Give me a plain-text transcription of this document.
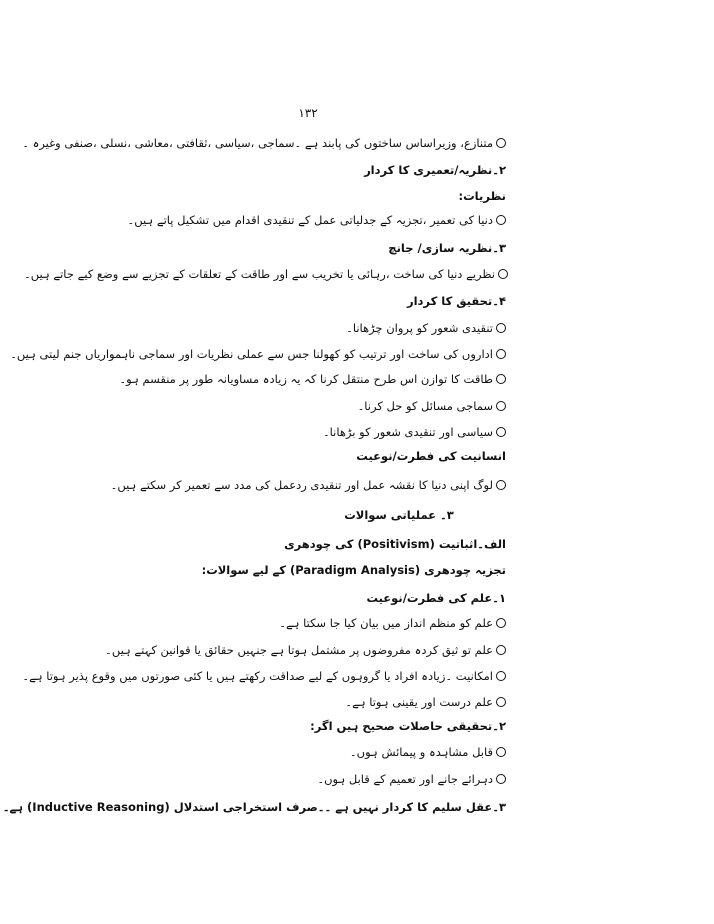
۱۳۲
متنازع، وزیراساس ساختوں کی پابند ہے ۔سماجی ،سیاسی ،ثقافتی ،معاشی ،نسلی ،صنفی وغیرہ ۔
۲۔نظریہ/تعمیری کا کردار
نظریات:
دنیا کی تعمیر ،تجزیہ کے جدلیاتی عمل کے تنقیدی اقدام میں تشکیل پاتے ہیں۔
۳۔نظریہ سازی/ جانچ
نظریے دنیا کی ساخت ،رہائی یا تخریب سے اور طاقت کے تعلقات کے تجزیے سے وضع کیے جاتے ہیں۔
۴۔تحقیق کا کردار
تنقیدی شعور کو پروان چڑھانا۔
اداروں کی ساخت اور ترتیب کو کھولنا جس سے عملی نظریات اور سماجی ناہمواریاں جنم لیتی ہیں۔
طاقت کا توازن اس طرح منتقل کرنا کہ یہ زیادہ مساویانہ طور پر منقسم ہو۔
سماجی مسائل کو حل کرنا۔
سیاسی اور تنقیدی شعور کو بڑھانا۔
انسانیت کی فطرت/نوعیت
لوگ اپنی دنیا کا نقشہ عمل اور تنقیدی ردعمل کی مدد سے تعمیر کر سکتے ہیں۔
۳۔ عملیاتی سوالات
الف۔اثباتیت (Positivism) کی چودھری
تجزیہ چودھری (Paradigm Analysis) کے لیے سوالات:
۱۔علم کی فطرت/نوعیت
علم کو منظم انداز میں بیان کیا جا سکتا ہے۔
علم تو ثیق کردہ مفروضوں پر مشتمل ہوتا ہے جنہیں حقائق یا قوانین کہتے ہیں۔
امکانیت ۔زیادہ افراد یا گروہوں کے لیے صداقت رکھتے ہیں یا کئی صورتوں میں وقوع پذیر ہوتا ہے۔
علم درست اور یقینی ہوتا ہے۔
۲۔تحقیقی حاصلات صحیح ہیں اگر:
قابل مشاہدہ و پیمائش ہوں۔
دہرائے جانے اور تعمیم کے قابل ہوں۔
۳۔عقل سلیم کا کردار نہیں ہے ۔۔صرف استخراجی استدلال (Inductive Reasoning) ہے۔
